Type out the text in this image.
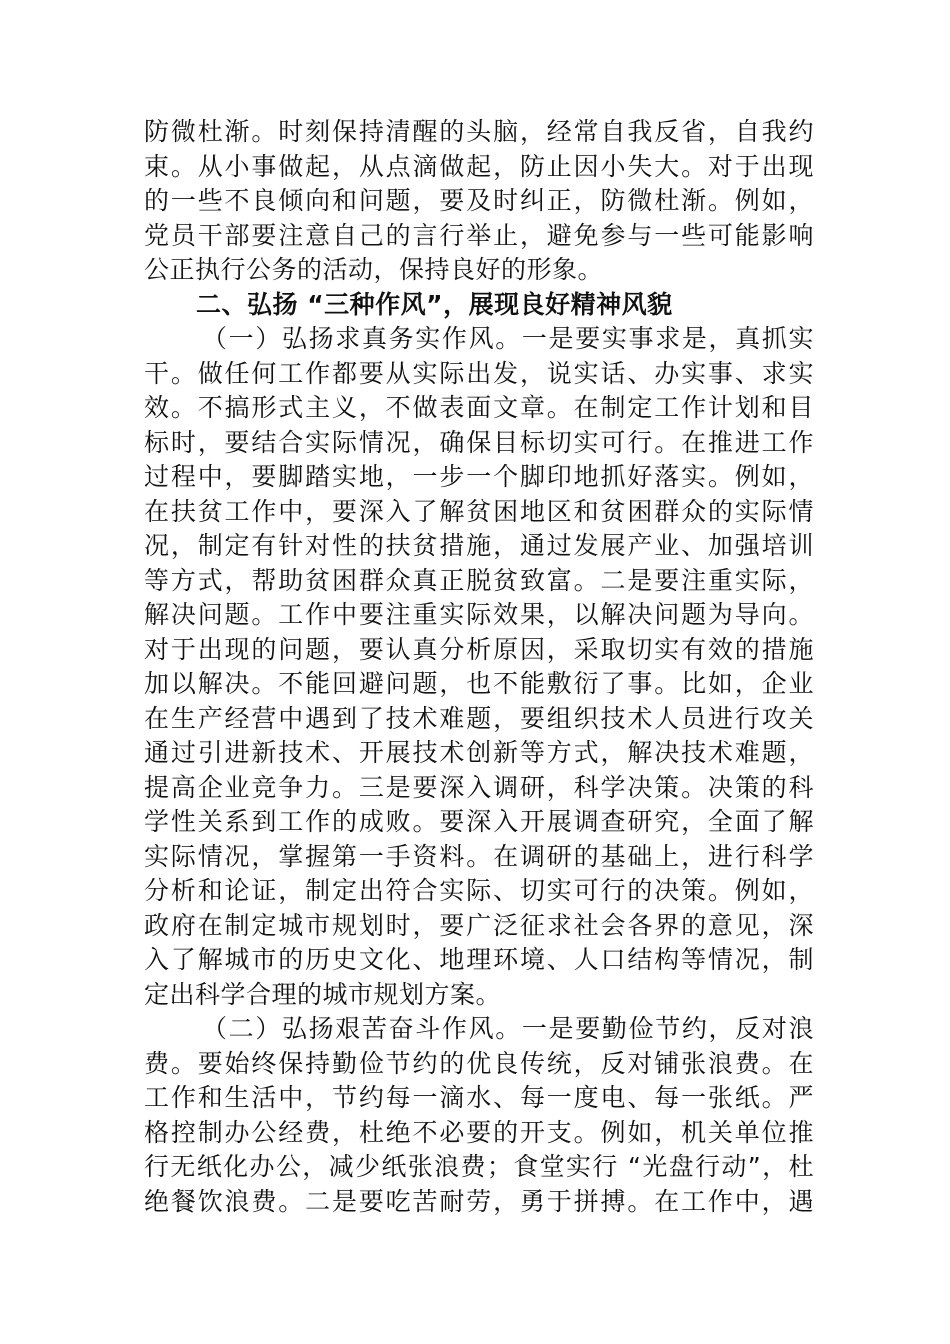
防微杜渐。时刻保持清醒的头脑，经常自我反省，自我约
束。从小事做起，从点滴做起，防止因小失大。对于出现
的一些不良倾向和问题，要及时纠正，防微杜渐。例如，
党员干部要注意自己的言行举止，避免参与一些可能影响
公正执行公务的活动，保持良好的形象。
二、弘扬 “三种作风”，展现良好精神风貌
（一）弘扬求真务实作风。一是要实事求是，真抓实
干。做任何工作都要从实际出发，说实话、办实事、求实
效。不搞形式主义，不做表面文章。在制定工作计划和目
标时，要结合实际情况，确保目标切实可行。在推进工作
过程中，要脚踏实地，一步一个脚印地抓好落实。例如，
在扶贫工作中，要深入了解贫困地区和贫困群众的实际情
况，制定有针对性的扶贫措施，通过发展产业、加强培训
等方式，帮助贫困群众真正脱贫致富。二是要注重实际，
解决问题。工作中要注重实际效果，以解决问题为导向。
对于出现的问题，要认真分析原因，采取切实有效的措施
加以解决。不能回避问题，也不能敷衍了事。比如，企业
在生产经营中遇到了技术难题，要组织技术人员进行攻关
通过引进新技术、开展技术创新等方式，解决技术难题，
提高企业竞争力。三是要深入调研，科学决策。决策的科
学性关系到工作的成败。要深入开展调查研究，全面了解
实际情况，掌握第一手资料。在调研的基础上，进行科学
分析和论证，制定出符合实际、切实可行的决策。例如，
政府在制定城市规划时，要广泛征求社会各界的意见，深
入了解城市的历史文化、地理环境、人口结构等情况，制
定出科学合理的城市规划方案。
（二）弘扬艰苦奋斗作风。一是要勤俭节约，反对浪
费。要始终保持勤俭节约的优良传统，反对铺张浪费。在
工作和生活中，节约每一滴水、每一度电、每一张纸。严
格控制办公经费，杜绝不必要的开支。例如，机关单位推
行无纸化办公，减少纸张浪费；食堂实行 “光盘行动”，杜
绝餐饮浪费。二是要吃苦耐劳，勇于拼搏。在工作中，遇
